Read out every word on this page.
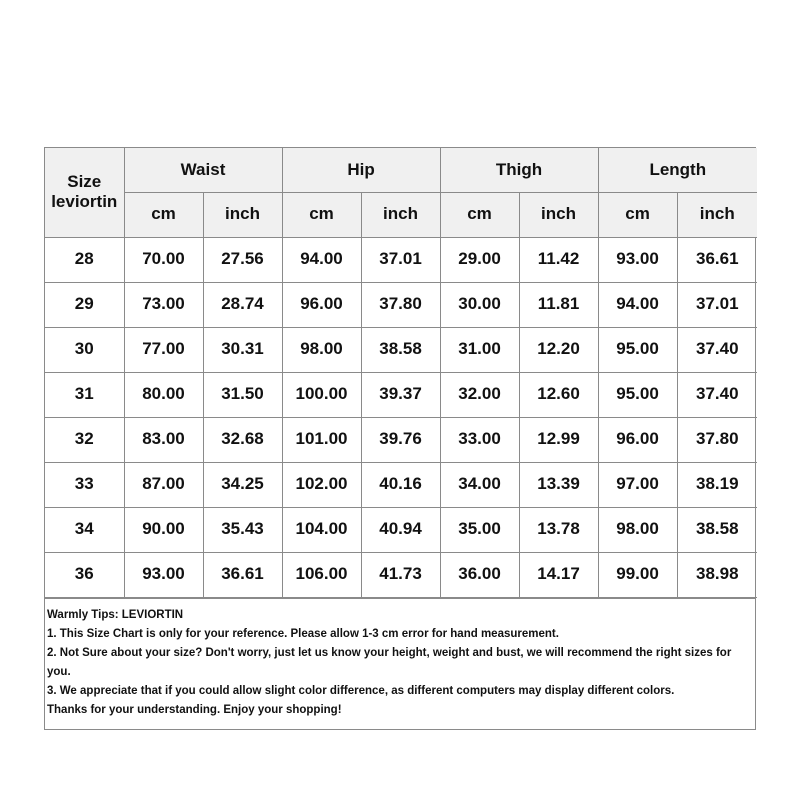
Size
leviortin	Waist		Hip		Thigh		Length	
	cm	inch	cm	inch	cm	inch	cm	inch
28	70.00	27.56	94.00	37.01	29.00	11.42	93.00	36.61
29	73.00	28.74	96.00	37.80	30.00	11.81	94.00	37.01
30	77.00	30.31	98.00	38.58	31.00	12.20	95.00	37.40
31	80.00	31.50	100.00	39.37	32.00	12.60	95.00	37.40
32	83.00	32.68	101.00	39.76	33.00	12.99	96.00	37.80
33	87.00	34.25	102.00	40.16	34.00	13.39	97.00	38.19
34	90.00	35.43	104.00	40.94	35.00	13.78	98.00	38.58
36	93.00	36.61	106.00	41.73	36.00	14.17	99.00	38.98
Warmly Tips: LEVIORTIN
1. This Size Chart is only for your reference. Please allow 1-3 cm error for hand measurement.
2. Not Sure about your size? Don't worry, just let us know your height, weight and bust, we will recommend the right sizes for you.
3. We appreciate that if you could allow slight color difference, as different computers may display different colors.
Thanks for your understanding. Enjoy your shopping!
